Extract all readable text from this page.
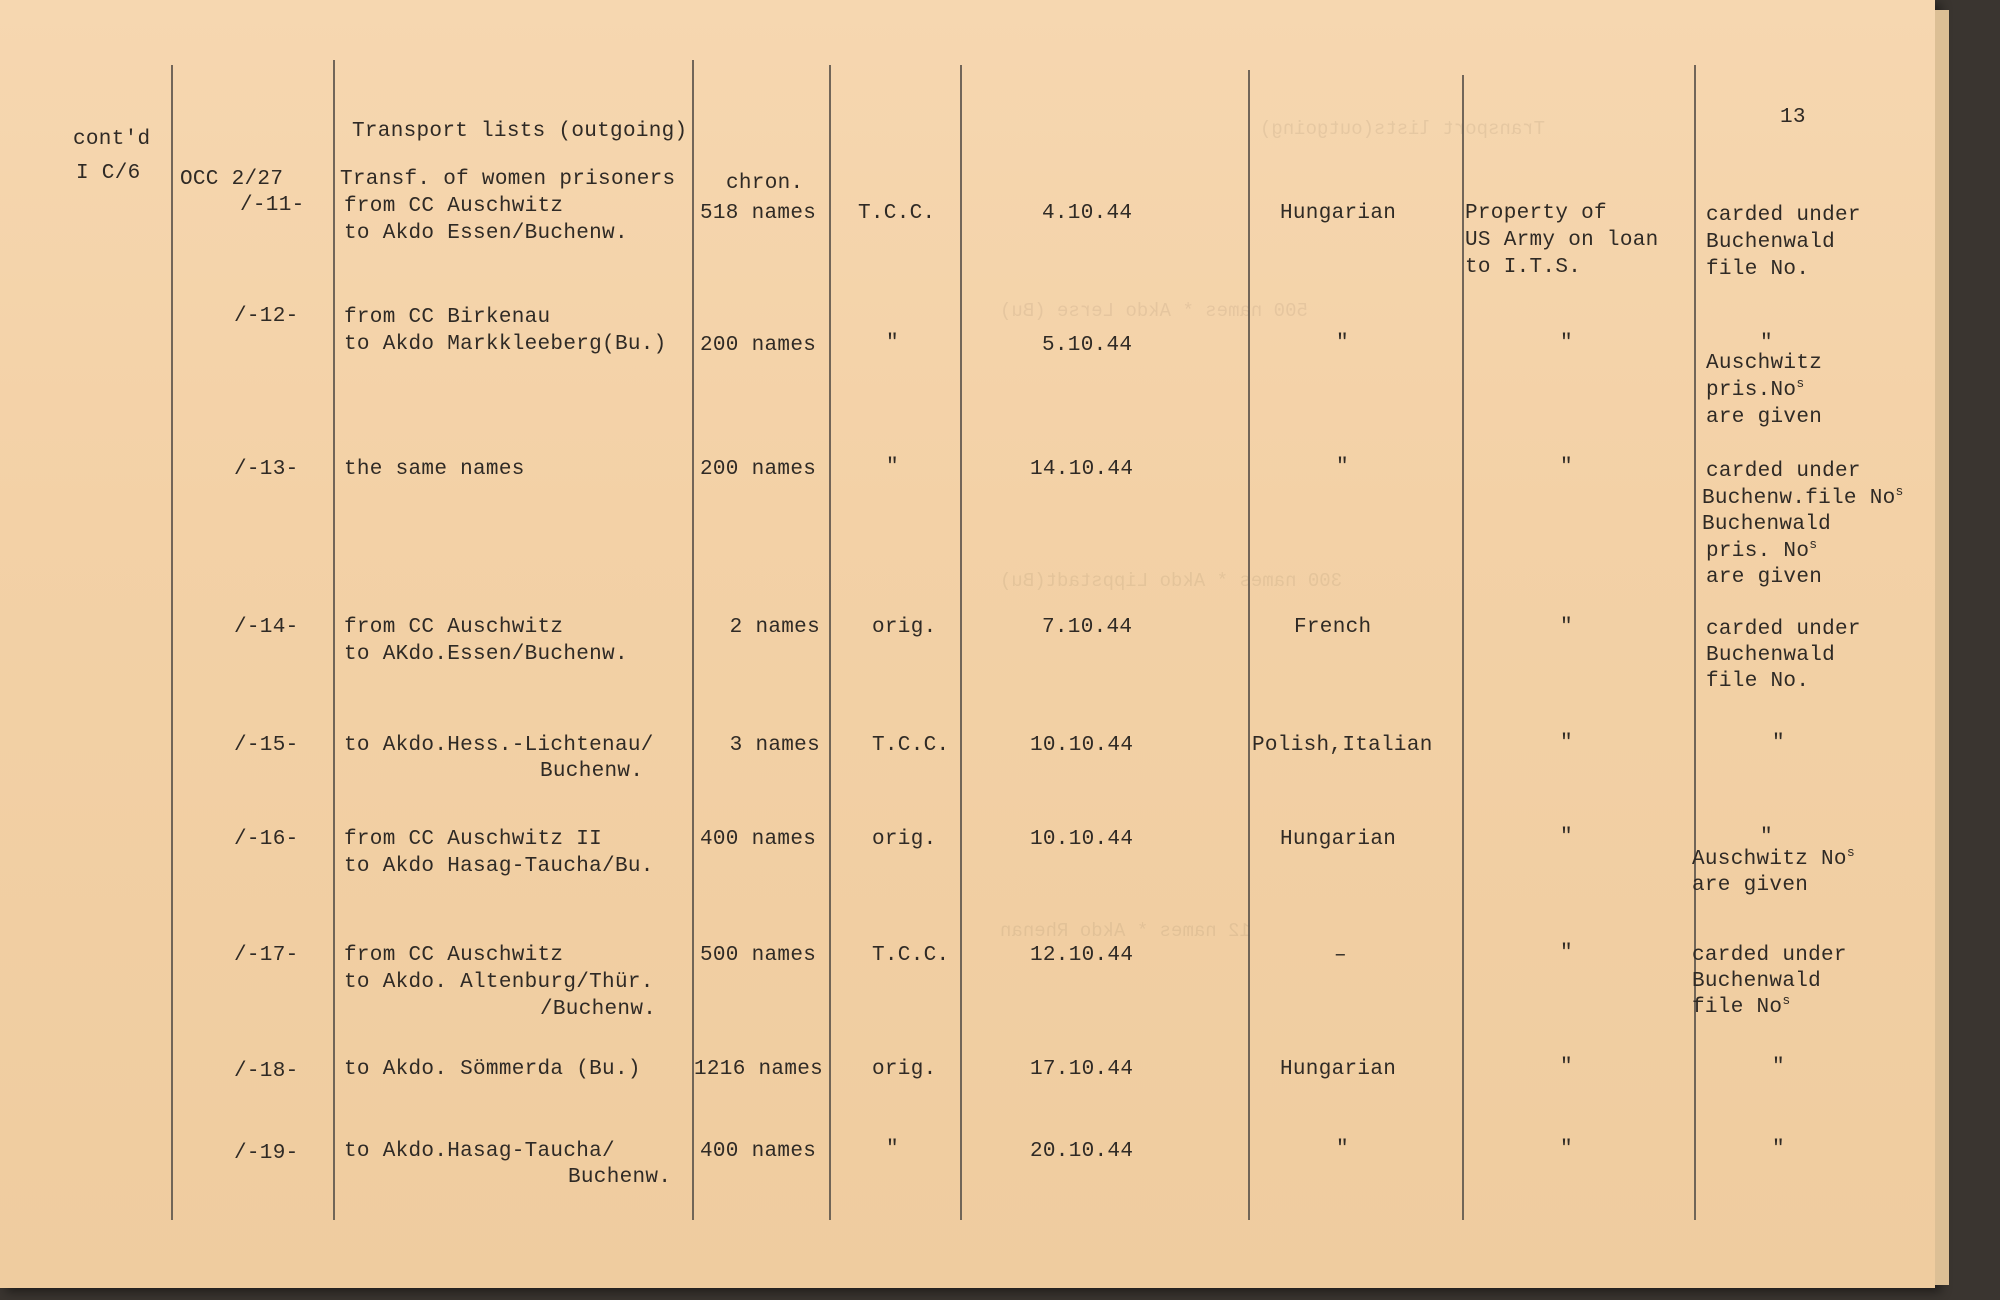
Transport lists(outgoing)
500 names * Akdo Lerse (Bu)
300 names * Akdo Lippstadt(Bu)
12 names * Akdo Rhenan
cont'd
I C/6
13
OCC 2/27
Transport lists (outgoing)
/-11-
Transf. of women prisoners
from CC Auschwitz
to Akdo Essen/Buchenw.
chron.
518 names T.C.C.	4.10.44	Hungarian	Property of
US Army on loan
to I.T.S.
carded under
Buchenwald
file No.
/-12- from CC Birkenau
to Akdo Markkleeberg(Bu.) 200 names	"	5.10.44	"	"	"
Auschwitz
pris.No$^s$
are given
/-13- the same names	200 names	"	14.10.44	"	"	carded under
Buchenw.file No$^s$
Buchenwald
pris. No$^s$
are given
/-14- from CC Auschwitz
to AKdo.Essen/Buchenw.
2 names orig.	7.10.44	French	"	carded under
Buchenwald
file No.
/-15- to Akdo.Hess.-Lichtenau/
Buchenw.
3 names T.C.C.	10.10.44	Polish,Italian	"	"
/-16- from CC Auschwitz II
to Akdo Hasag-Taucha/Bu.
400 names	orig.	10.10.44	Hungarian	"	"
Auschwitz No$^s$
are given
/-17- from CC Auschwitz
to Akdo. Altenburg/Thür.
/Buchenw.
500 names	T.C.C.	12.10.44	–	"	carded under
Buchenwald
file No$^s$
/-18- to Akdo. Sömmerda (Bu.)	1216 names orig.	17.10.44	Hungarian	"	"
/-19- to Akdo.Hasag-Taucha/
Buchenw.
400 names	"	20.10.44	"	"	"
